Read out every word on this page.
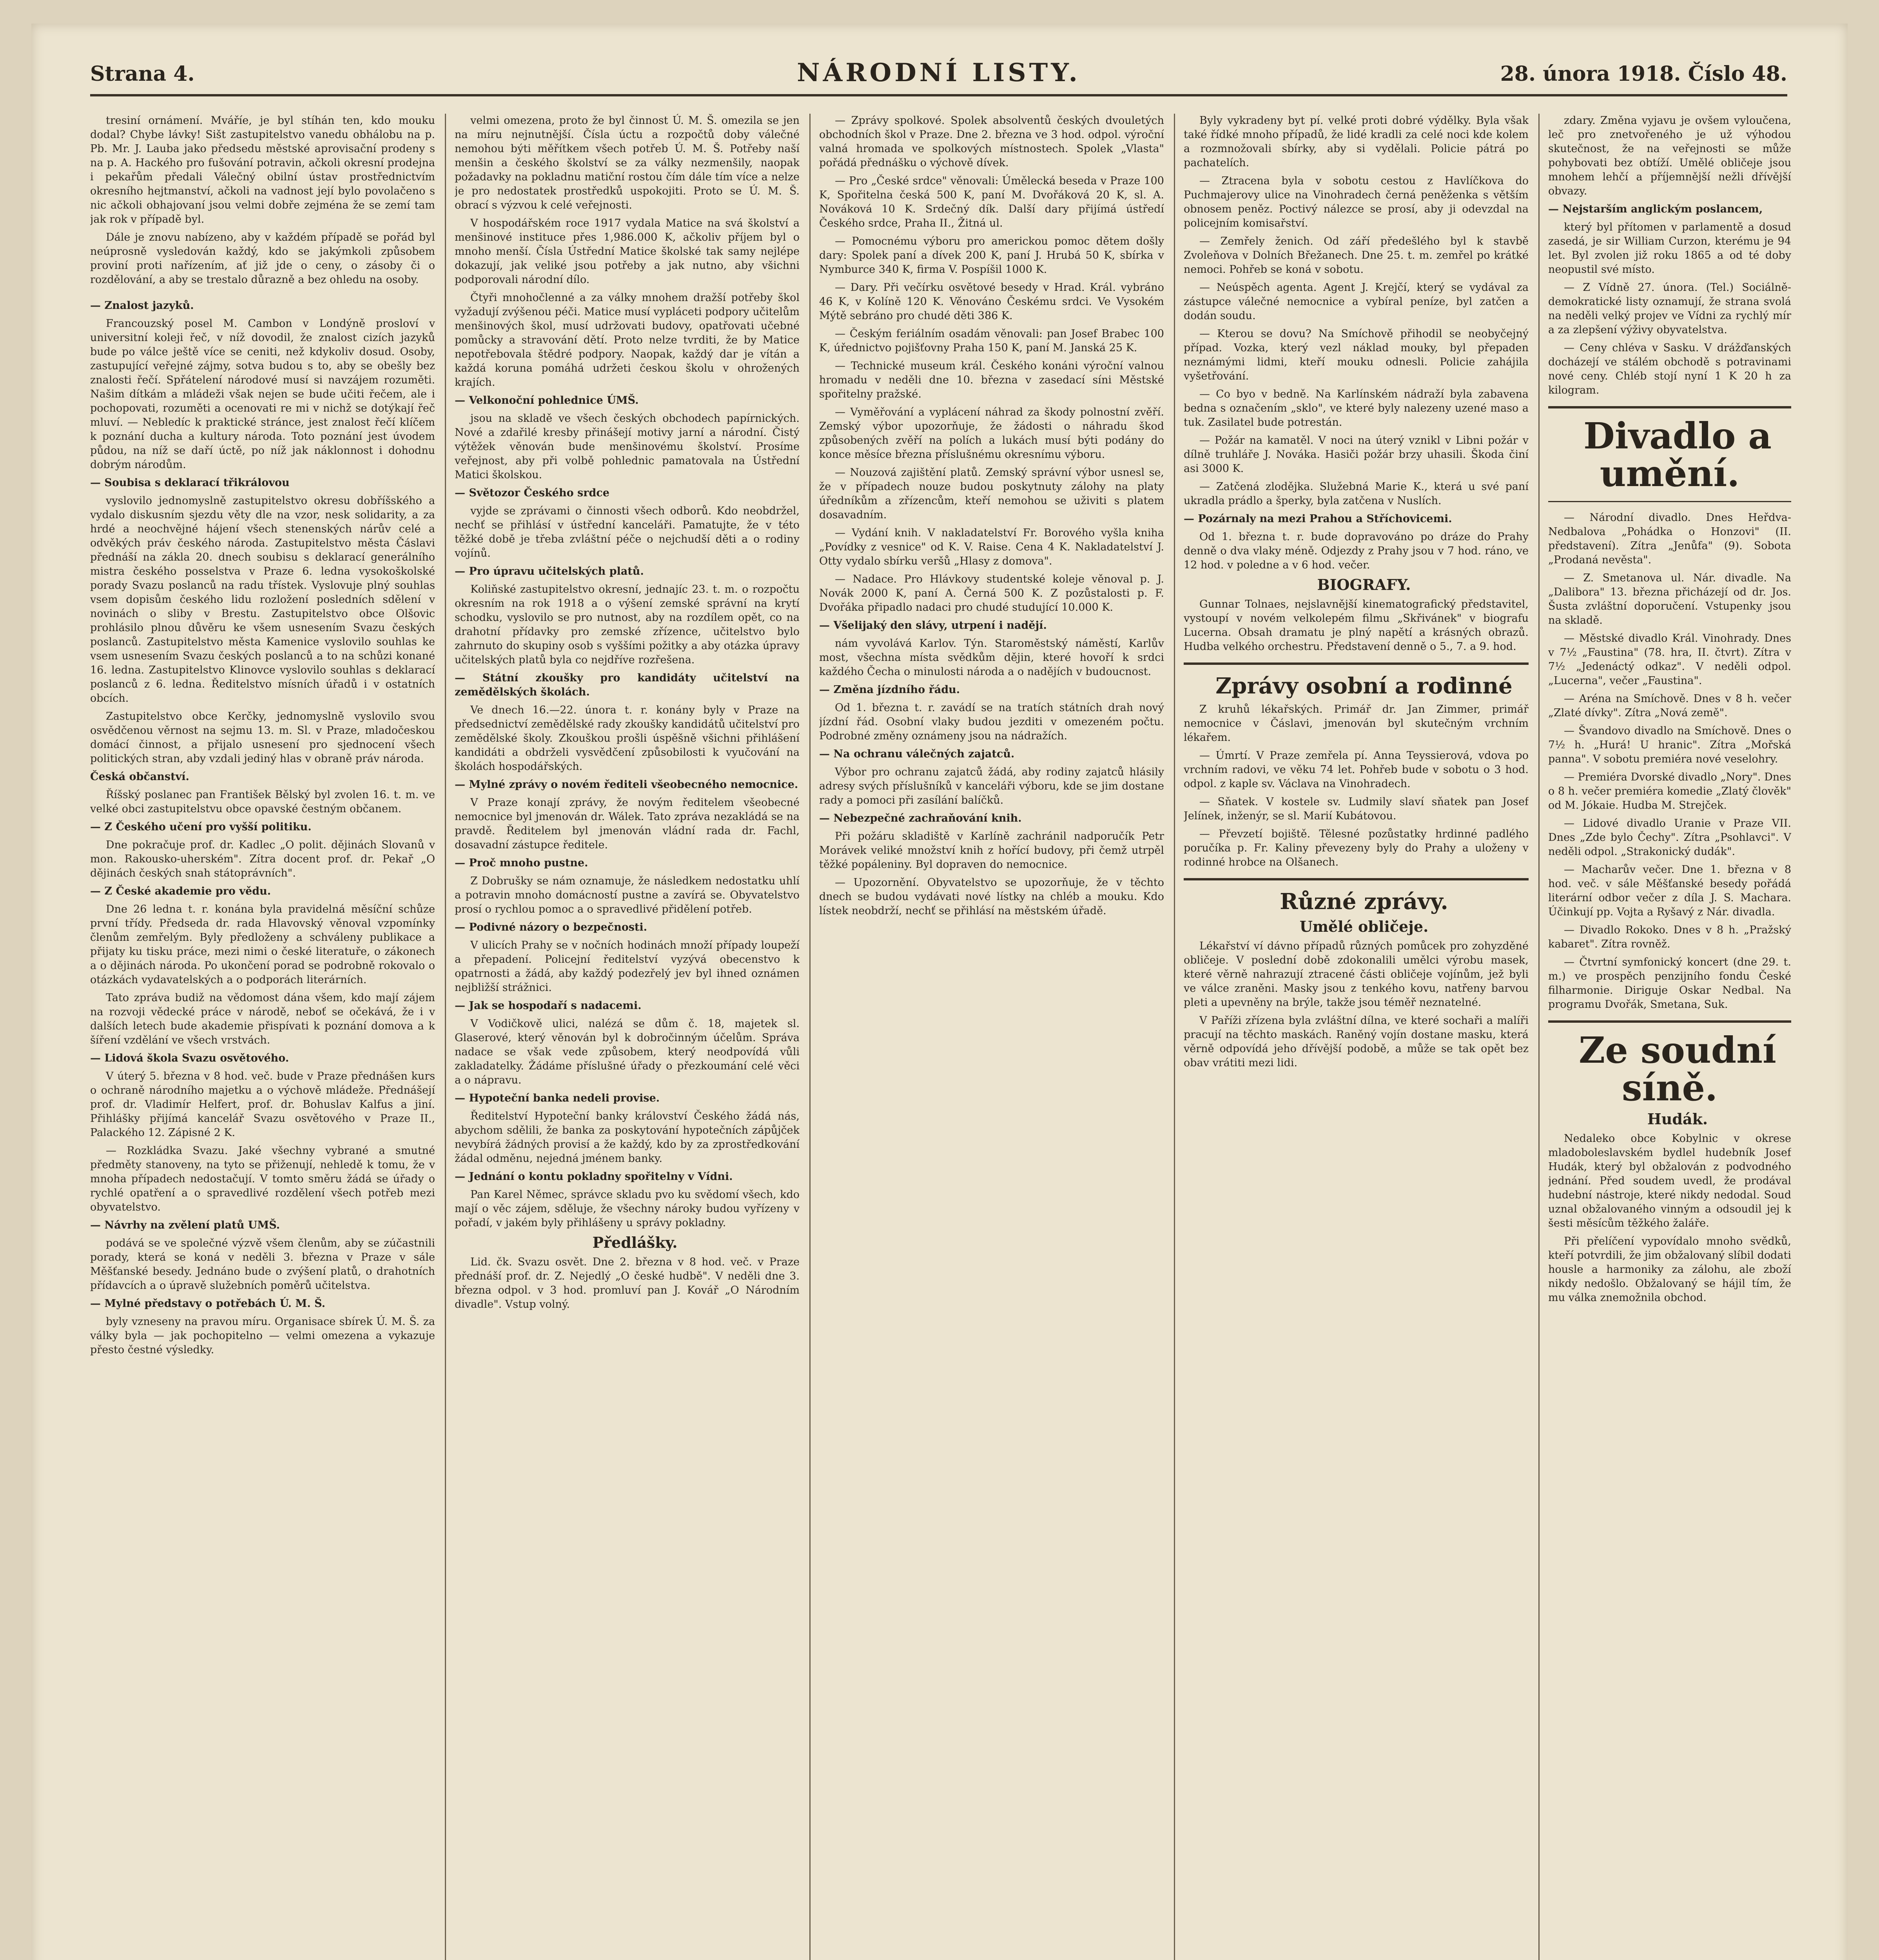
Strana 4.	NÁRODNÍ LISTY.	28. února 1918. Číslo 48.

tresiní ornámení. Mváříe, je byl stíhán ten, kdo mouku dodal? Chybe lávky! Sišt zastupitelstvo vanedu obhálobu na p. Pb. Mr. J. Lauba jako předsedu městské aprovisační prodeny s na p. A. Hackého pro fušování potravin, ačkoli okresní prodejna i pekařům předali Válečný obilní ústav prostřednictvím okresního hejtmanství, ačkoli na vadnost její bylo povolačeno s nic ačkoli obhajovaní jsou velmi dobře zejména že se zemí tam jak rok v případě byl.

Dále je znovu nabízeno, aby v každém případě se pořád byl neúprosně vysledován každý, kdo se jakýmkoli způsobem proviní proti nařízením, ať již jde o ceny, o zásoby či o rozdělování, a aby se trestalo důrazně a bez ohledu na osoby.

— Znalost jazyků.

Francouzský posel M. Cambon v Londýně prosloví v universitní koleji řeč, v níž dovodil, že znalost cizích jazyků bude po válce ještě více se ceniti, než kdykoliv dosud. Osoby, zastupující veřejné zájmy, sotva budou s to, aby se obešly bez znalosti řečí. Spřátelení národové musí si navzájem rozuměti. Našim dítkám a mládeži však nejen se bude učiti řečem, ale i pochopovati, rozuměti a ocenovati re mi v nichž se dotýkají řeč mluví. — Nebledíc k praktické stránce, jest znalost řečí klíčem k poznání ducha a kultury národa. Toto poznání jest úvodem půdou, na níž se daří úctě, po níž jak náklonnost i dohodnu dobrým národům.

— Soubisa s deklarací třikrálovou

vyslovilo jednomyslně zastupitelstvo okresu dobříšského a vydalo diskusním sjezdu věty dle na vzor, nesk solidarity, a za hrdé a neochvějné hájení všech stenenských nárův celé a odvěkých práv českého národa. Zastupitelstvo města Čáslavi přednáší na zákla 20. dnech soubisu s deklarací generálního mistra českého posselstva v Praze 6. ledna vysokoškolské porady Svazu poslanců na radu třístek. Vyslovuje plný souhlas vsem dopisům českého lidu rozložení posledních sdělení v novinách o sliby v Brestu. Zastupitelstvo obce Olšovic prohlásilo plnou důvěru ke všem usnesením Svazu českých poslanců. Zastupitelstvo města Kamenice vyslovilo souhlas ke vsem usnesením Svazu českých poslanců a to na schůzi konané 16. ledna. Zastupitelstvo Klinovce vyslovilo souhlas s deklarací poslanců z 6. ledna. Ředitelstvo mísních úřadů i v ostatních obcích.

Zastupitelstvo obce Kerčky, jednomyslně vyslovilo svou osvědčenou věrnost na sejmu 13. m. Sl. v Praze, mladočeskou domácí činnost, a přijalo usnesení pro sjednocení všech politických stran, aby vzdali jediný hlas v obraně práv národa.

Česká občanství.

Říšský poslanec pan František Bělský byl zvolen 16. t. m. ve velké obci zastupitelstvu obce opavské čestným občanem.

— Z Českého učení pro vyšší politiku.

Dne pokračuje prof. dr. Kadlec „O polit. dějinách Slovanů v mon. Rakousko-uherském". Zítra docent prof. dr. Pekař „O dějinách českých snah státoprávních".

— Z České akademie pro vědu.

Dne 26 ledna t. r. konána byla pravidelná měsíční schůze první třídy. Předseda dr. rada Hlavovský věnoval vzpomínky členům zemřelým. Byly předloženy a schváleny publikace a přijaty ku tisku práce, mezi nimi o české literatuře, o zákonech a o dějinách národa. Po ukončení porad se podrobně rokovalo o otázkách vydavatelských a o podporách literárních.

Tato zpráva budiž na vědomost dána všem, kdo mají zájem na rozvoji vědecké práce v národě, neboť se očekává, že i v dalších letech bude akademie přispívati k poznání domova a k šíření vzdělání ve všech vrstvách.

— Lidová škola Svazu osvětového.

V úterý 5. března v 8 hod. več. bude v Praze přednášen kurs o ochraně národního majetku a o výchově mládeže. Přednášejí prof. dr. Vladimír Helfert, prof. dr. Bohuslav Kalfus a jiní. Přihlášky přijímá kancelář Svazu osvětového v Praze II., Palackého 12. Zápisné 2 K.

— Rozkládka Svazu. Jaké všechny vybrané a smutné předměty stanoveny, na tyto se přiženují, nehledě k tomu, že v mnoha případech nedostačují. V tomto směru žádá se úřady o rychlé opatření a o spravedlivé rozdělení všech potřeb mezi obyvatelstvo.

— Návrhy na zvělení platů UMŠ.

podává se ve společné výzvě všem členům, aby se zúčastnili porady, která se koná v neděli 3. března v Praze v sále Měšťanské besedy. Jednáno bude o zvýšení platů, o drahotních přídavcích a o úpravě služebních poměrů učitelstva.

— Mylné představy o potřebách Ú. M. Š.

byly vzneseny na pravou míru. Organisace sbírek Ú. M. Š. za války byla — jak pochopitelno — velmi omezena a vykazuje přesto čestné výsledky.

velmi omezena, proto že byl činnost Ú. M. Š. omezila se jen na míru nejnutnější. Čísla úctu a rozpočtů doby válečné nemohou býti měřítkem všech potřeb Ú. M. Š. Potřeby naší menšin a českého školství se za války nezmenšily, naopak požadavky na pokladnu matiční rostou čím dále tím více a nelze je pro nedostatek prostředků uspokojiti. Proto se Ú. M. Š. obrací s výzvou k celé veřejnosti.

V hospodářském roce 1917 vydala Matice na svá školství a menšinové instituce přes 1,986.000 K, ačkoliv příjem byl o mnoho menší. Čísla Ústřední Matice školské tak samy nejlépe dokazují, jak veliké jsou potřeby a jak nutno, aby všichni podporovali národní dílo.

Čtyři mnohočlenné a za války mnohem dražší potřeby škol vyžadují zvýšenou péči. Matice musí vypláceti podpory učitelům menšinových škol, musí udržovati budovy, opatřovati učebné pomůcky a stravování dětí. Proto nelze tvrditi, že by Matice nepotřebovala štědré podpory. Naopak, každý dar je vítán a každá koruna pomáhá udržeti českou školu v ohrožených krajích.

— Velkonoční pohlednice ÚMŠ.

jsou na skladě ve všech českých obchodech papírnických. Nové a zdařilé kresby přinášejí motivy jarní a národní. Čistý výtěžek věnován bude menšinovému školství. Prosíme veřejnost, aby při volbě pohlednic pamatovala na Ústřední Matici školskou.

— Světozor Českého srdce

vyjde se zprávami o činnosti všech odborů. Kdo neobdržel, nechť se přihlásí v ústřední kanceláři. Pamatujte, že v této těžké době je třeba zvláštní péče o nejchudší děti a o rodiny vojínů.

— Pro úpravu učitelských platů.

Koliňské zastupitelstvo okresní, jednajíc 23. t. m. o rozpočtu okresním na rok 1918 a o výšení zemské správní na krytí schodku, vyslovilo se pro nutnost, aby na rozdílem opět, co na drahotní přídavky pro zemské zřízence, učitelstvo bylo zahrnuto do skupiny osob s vyššími požitky a aby otázka úpravy učitelských platů byla co nejdříve rozřešena.

— Státní zkoušky pro kandidáty učitelství na zemědělských školách.

Ve dnech 16.—22. února t. r. konány byly v Praze na předsednictví zemědělské rady zkoušky kandidátů učitelství pro zemědělské školy. Zkouškou prošli úspěšně všichni přihlášení kandidáti a obdrželi vysvědčení způsobilosti k vyučování na školách hospodářských.

— Mylné zprávy o novém řediteli všeobecného nemocnice.

V Praze konají zprávy, že novým ředitelem všeobecné nemocnice byl jmenován dr. Wálek. Tato zpráva nezakládá se na pravdě. Ředitelem byl jmenován vládní rada dr. Fachl, dosavadní zástupce ředitele.

— Proč mnoho pustne.

Z Dobrušky se nám oznamuje, že následkem nedostatku uhlí a potravin mnoho domácností pustne a zavírá se. Obyvatelstvo prosí o rychlou pomoc a o spravedlivé přidělení potřeb.

— Podivné názory o bezpečnosti.

V ulicích Prahy se v nočních hodinách množí případy loupeží a přepadení. Policejní ředitelství vyzývá obecenstvo k opatrnosti a žádá, aby každý podezřelý jev byl ihned oznámen nejbližší strážnici.

— Jak se hospodaří s nadacemi.

V Vodičkově ulici, nalézá se dům č. 18, majetek sl. Glaserové, který věnován byl k dobročinným účelům. Správa nadace se však vede způsobem, který neodpovídá vůli zakladatelky. Žádáme příslušné úřady o přezkoumání celé věci a o nápravu.

— Hypoteční banka nedeli provise.

Ředitelství Hypoteční banky království Českého žádá nás, abychom sdělili, že banka za poskytování hypotečních zápůjček nevybírá žádných provisí a že každý, kdo by za zprostředkování žádal odměnu, nejedná jménem banky.

— Jednání o kontu pokladny spořitelny v Vídni.

Pan Karel Němec, správce skladu pvo ku svědomí všech, kdo mají o věc zájem, sděluje, že všechny nároky budou vyřízeny v pořadí, v jakém byly přihlášeny u správy pokladny.

Předlášky.

Lid. čk. Svazu osvět. Dne 2. března v 8 hod. več. v Praze přednáší prof. dr. Z. Nejedlý „O české hudbě". V neděli dne 3. března odpol. v 3 hod. promluví pan J. Kovář „O Národním divadle". Vstup volný.

— Zprávy spolkové. Spolek absolventů českých dvouletých obchodních škol v Praze. Dne 2. března ve 3 hod. odpol. výroční valná hromada ve spolkových místnostech. Spolek „Vlasta" pořádá přednášku o výchově dívek.

— Pro „České srdce" věnovali: Úmělecká beseda v Praze 100 K, Spořitelna česká 500 K, paní M. Dvořáková 20 K, sl. A. Nováková 10 K. Srdečný dík. Další dary přijímá ústředí Českého srdce, Praha II., Žitná ul.

— Pomocnému výboru pro americkou pomoc dětem došly dary: Spolek paní a dívek 200 K, paní J. Hrubá 50 K, sbírka v Nymburce 340 K, firma V. Pospíšil 1000 K.

— Dary. Při večírku osvětové besedy v Hrad. Král. vybráno 46 K, v Kolíně 120 K. Věnováno Českému srdci. Ve Vysokém Mýtě sebráno pro chudé děti 386 K.

— Českým feriálním osadám věnovali: pan Josef Brabec 100 K, úřednictvo pojišťovny Praha 150 K, paní M. Janská 25 K.

— Technické museum král. Českého konáni výroční valnou hromadu v neděli dne 10. března v zasedací síni Městské spořitelny pražské.

— Vyměřování a vyplácení náhrad za škody polnostní zvěří. Zemský výbor upozorňuje, že žádosti o náhradu škod způsobených zvěří na polích a lukách musí býti podány do konce měsíce března příslušnému okresnímu výboru.

— Nouzová zajištění platů. Zemský správní výbor usnesl se, že v případech nouze budou poskytnuty zálohy na platy úředníkům a zřízencům, kteří nemohou se uživiti s platem dosavadním.

— Vydání knih. V nakladatelství Fr. Borového vyšla kniha „Povídky z vesnice" od K. V. Raise. Cena 4 K. Nakladatelství J. Otty vydalo sbírku veršů „Hlasy z domova".

— Nadace. Pro Hlávkovy studentské koleje věnoval p. J. Novák 2000 K, paní A. Černá 500 K. Z pozůstalosti p. F. Dvořáka připadlo nadaci pro chudé studující 10.000 K.

— Všelijaký den slávy, utrpení i nadějí.

nám vyvolává Karlov. Týn. Staroměstský náměstí, Karlův most, všechna místa svědkům dějin, které hovoří k srdci každého Čecha o minulosti národa a o nadějích v budoucnost.

— Změna jízdního řádu.

Od 1. března t. r. zavádí se na tratích státních drah nový jízdní řád. Osobní vlaky budou jezditi v omezeném počtu. Podrobné změny oznámeny jsou na nádražích.

— Na ochranu válečných zajatců.

Výbor pro ochranu zajatců žádá, aby rodiny zajatců hlásily adresy svých příslušníků v kanceláři výboru, kde se jim dostane rady a pomoci při zasílání balíčků.

— Nebezpečné zachraňování knih.

Při požáru skladiště v Karlíně zachránil nadporučík Petr Morávek veliké množství knih z hořící budovy, při čemž utrpěl těžké popáleniny. Byl dopraven do nemocnice.

— Upozornění. Obyvatelstvo se upozorňuje, že v těchto dnech se budou vydávati nové lístky na chléb a mouku. Kdo lístek neobdrží, nechť se přihlásí na městském úřadě.

Byly vykradeny byt pí. velké proti dobré výdělky. Byla však také řídké mnoho případů, že lidé kradli za celé noci kde kolem a rozmnožovali sbírky, aby si vydělali. Policie pátrá po pachatelích.

— Ztracena byla v sobotu cestou z Havlíčkova do Puchmajerovy ulice na Vinohradech černá peněženka s větším obnosem peněz. Poctivý nálezce se prosí, aby ji odevzdal na policejním komisařství.

— Zemřely ženich. Od září předešlého byl k stavbě Zvoleňova v Dolních Břežanech. Dne 25. t. m. zemřel po krátké nemoci. Pohřeb se koná v sobotu.

— Neúspěch agenta. Agent J. Krejčí, který se vydával za zástupce válečné nemocnice a vybíral peníze, byl zatčen a dodán soudu.

— Kterou se dovu? Na Smíchově přihodil se neobyčejný případ. Vozka, který vezl náklad mouky, byl přepaden neznámými lidmi, kteří mouku odnesli. Policie zahájila vyšetřování.

— Co byo v bedně. Na Karlínském nádraží byla zabavena bedna s označením „sklo", ve které byly nalezeny uzené maso a tuk. Zasilatel bude potrestán.

— Požár na kamatěl. V noci na úterý vznikl v Libni požár v dílně truhláře J. Nováka. Hasiči požár brzy uhasili. Škoda činí asi 3000 K.

— Zatčená zlodějka. Služebná Marie K., která u své paní ukradla prádlo a šperky, byla zatčena v Nuslích.

— Pozárnaly na mezi Prahou a Stříchovicemi.

Od 1. března t. r. bude dopravováno po dráze do Prahy denně o dva vlaky méně. Odjezdy z Prahy jsou v 7 hod. ráno, ve 12 hod. v poledne a v 6 hod. večer.

BIOGRAFY.

Gunnar Tolnaes, nejslavnější kinematografický představitel, vystoupí v novém velkolepém filmu „Skřivánek" v biografu Lucerna. Obsah dramatu je plný napětí a krásných obrazů. Hudba velkého orchestru. Představení denně o 5., 7. a 9. hod.

Zprávy osobní a rodinné

Z kruhů lékařských. Primář dr. Jan Zimmer, primář nemocnice v Čáslavi, jmenován byl skutečným vrchním lékařem.

— Úmrtí. V Praze zemřela pí. Anna Teyssierová, vdova po vrchním radovi, ve věku 74 let. Pohřeb bude v sobotu o 3 hod. odpol. z kaple sv. Václava na Vinohradech.

— Sňatek. V kostele sv. Ludmily slaví sňatek pan Josef Jelínek, inženýr, se sl. Marií Kubátovou.

— Převzetí bojiště. Tělesné pozůstatky hrdinné padlého poručíka p. Fr. Kaliny převezeny byly do Prahy a uloženy v rodinné hrobce na Olšanech.

Různé zprávy.

Umělé obličeje.

Lékařství ví dávno případů různých pomůcek pro zohyzděné obličeje. V poslední době zdokonalili umělci výrobu masek, které věrně nahrazují ztracené části obličeje vojínům, jež byli ve válce zraněni. Masky jsou z tenkého kovu, natřeny barvou pleti a upevněny na brýle, takže jsou téměř neznatelné.

V Paříži zřízena byla zvláštní dílna, ve které sochaři a malíři pracují na těchto maskách. Raněný vojín dostane masku, která věrně odpovídá jeho dřívější podobě, a může se tak opět bez obav vrátiti mezi lidi.

zdary. Změna vyjavu je ovšem vyloučena, leč pro znetvořeného je už výhodou skutečnost, že na veřejnosti se může pohybovati bez obtíží. Umělé obličeje jsou mnohem lehčí a příjemnější nežli dřívější obvazy.

— Nejstarším anglickým poslancem,

který byl přítomen v parlamentě a dosud zasedá, je sir William Curzon, kterému je 94 let. Byl zvolen již roku 1865 a od té doby neopustil své místo.

— Z Vídně 27. února. (Tel.) Sociálně-demokratické listy oznamují, že strana svolá na neděli velký projev ve Vídni za rychlý mír a za zlepšení výživy obyvatelstva.

— Ceny chléva v Sasku. V drážďanských docházejí ve stálém obchodě s potravinami nové ceny. Chléb stojí nyní 1 K 20 h za kilogram.

Divadlo a umění.

— Národní divadlo. Dnes Heřdva-Nedbalova „Pohádka o Honzovi" (II. představení). Zítra „Jenůfa" (9). Sobota „Prodaná nevěsta".

— Z. Smetanova ul. Nár. divadle. Na „Dalibora" 13. března přicházejí od dr. Jos. Šusta zvláštní doporučení. Vstupenky jsou na skladě.

— Městské divadlo Král. Vinohrady. Dnes v 7½ „Faustina" (78. hra, II. čtvrt). Zítra v 7½ „Jedenáctý odkaz". V neděli odpol. „Lucerna", večer „Faustina".

— Aréna na Smíchově. Dnes v 8 h. večer „Zlaté dívky". Zítra „Nová země".

— Švandovo divadlo na Smíchově. Dnes o 7½ h. „Hurá! U hranic". Zítra „Mořská panna". V sobotu premiéra nové veselohry.

— Premiéra Dvorské divadlo „Nory". Dnes o 8 h. večer premiéra komedie „Zlatý člověk" od M. Jókaie. Hudba M. Strejček.

— Lidové divadlo Uranie v Praze VII. Dnes „Zde bylo Čechy". Zítra „Psohlavci". V neděli odpol. „Strakonický dudák".

— Macharův večer. Dne 1. března v 8 hod. več. v sále Měšťanské besedy pořádá literární odbor večer z díla J. S. Machara. Účinkují pp. Vojta a Ryšavý z Nár. divadla.

— Divadlo Rokoko. Dnes v 8 h. „Pražský kabaret". Zítra rovněž.

— Čtvrtní symfonický koncert (dne 29. t. m.) ve prospěch penzijního fondu České filharmonie. Diriguje Oskar Nedbal. Na programu Dvořák, Smetana, Suk.

Ze soudní síně.

Hudák.

Nedaleko obce Kobylnic v okrese mladoboleslavském bydlel hudebník Josef Hudák, který byl obžalován z podvodného jednání. Před soudem uvedl, že prodával hudební nástroje, které nikdy nedodal. Soud uznal obžalovaného vinným a odsoudil jej k šesti měsícům těžkého žaláře.

Při přelíčení vypovídalo mnoho svědků, kteří potvrdili, že jim obžalovaný slíbil dodati housle a harmoniky za zálohu, ale zboží nikdy nedošlo. Obžalovaný se hájil tím, že mu válka znemožnila obchod.
